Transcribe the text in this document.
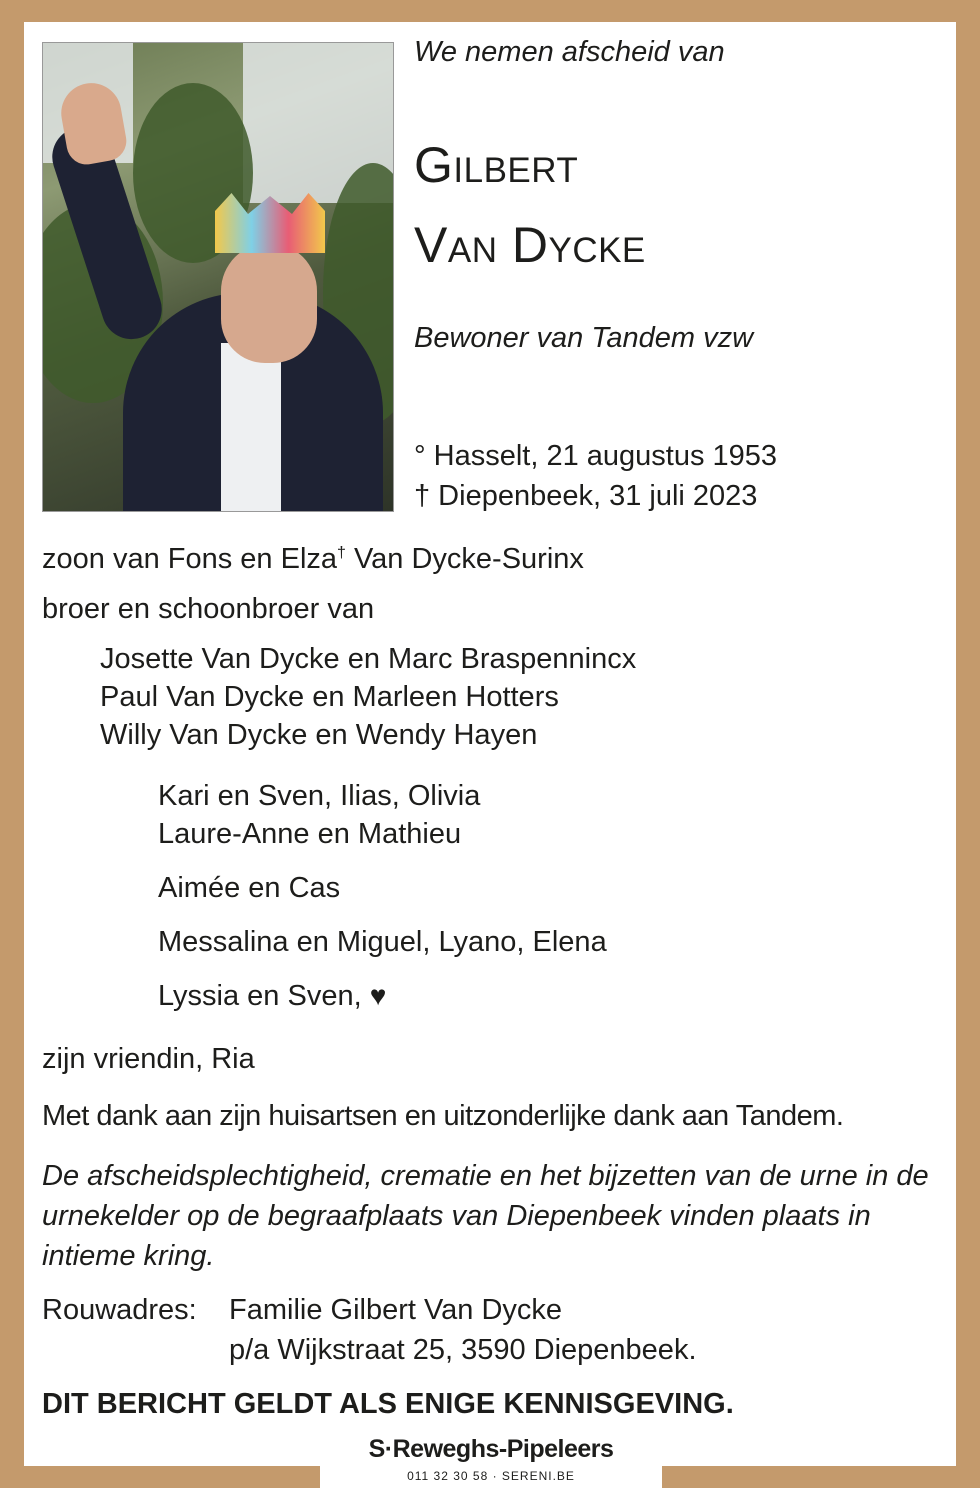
We nemen afscheid van
Gilbert
Van Dycke
Bewoner van Tandem vzw
° Hasselt, 21 augustus 1953
† Diepenbeek, 31 juli 2023
zoon van Fons en Elza† Van Dycke-Surinx
broer en schoonbroer van
Josette Van Dycke en Marc Braspennincx
Paul Van Dycke en Marleen Hotters
Willy Van Dycke en Wendy Hayen
Kari en Sven, Ilias, Olivia
Laure-Anne en Mathieu
Aimée en Cas
Messalina en Miguel, Lyano, Elena
Lyssia en Sven, ♥
zijn vriendin, Ria
Met dank aan zijn huisartsen en uitzonderlijke dank aan Tandem.
De afscheidsplechtigheid, crematie en het bijzetten van de urne in de urnekelder op de begraafplaats van Diepenbeek vinden plaats in intieme kring.
Rouwadres: Familie Gilbert Van Dycke
p/a Wijkstraat 25, 3590 Diepenbeek.
DIT BERICHT GELDT ALS ENIGE KENNISGEVING.
S·Reweghs-Pipeleers
011 32 30 58 · SERENI.BE
